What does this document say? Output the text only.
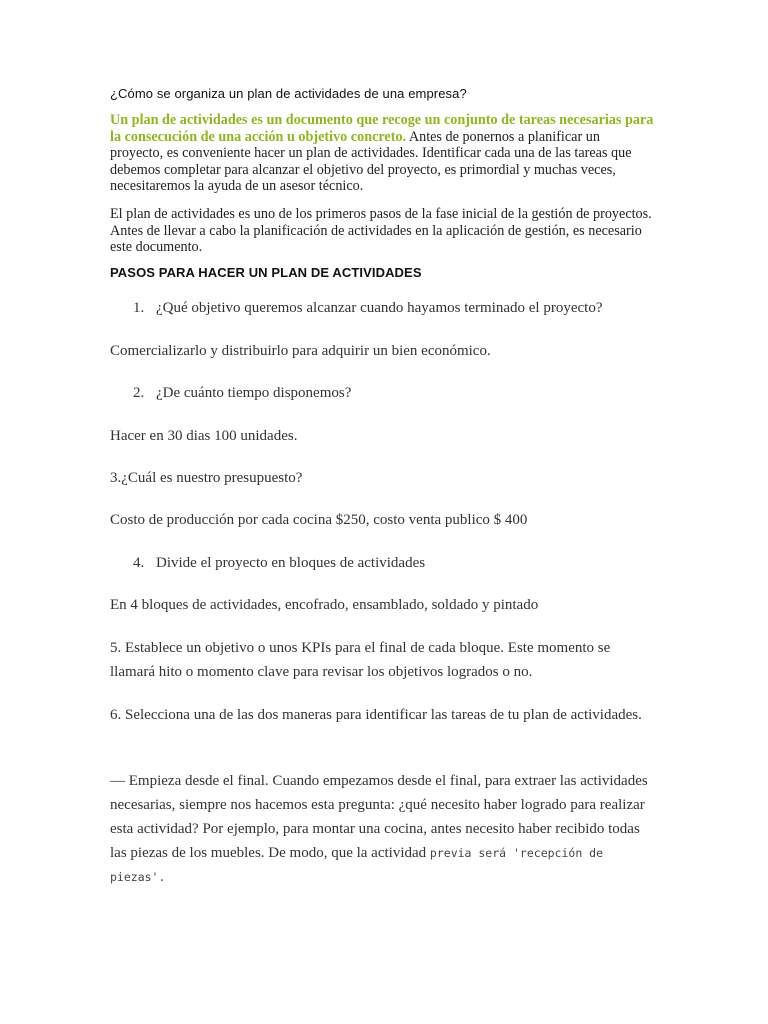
¿Cómo se organiza un plan de actividades de una empresa?

Un plan de actividades es un documento que recoge un conjunto de tareas necesarias para la consecución de una acción u objetivo concreto. Antes de ponernos a planificar un proyecto, es conveniente hacer un plan de actividades. Identificar cada una de las tareas que debemos completar para alcanzar el objetivo del proyecto, es primordial y muchas veces, necesitaremos la ayuda de un asesor técnico.

El plan de actividades es uno de los primeros pasos de la fase inicial de la gestión de proyectos. Antes de llevar a cabo la planificación de actividades en la aplicación de gestión, es necesario este documento.

PASOS PARA HACER UN PLAN DE ACTIVIDADES
1. ¿Qué objetivo queremos alcanzar cuando hayamos terminado el proyecto?
Comercializarlo y distribuirlo para adquirir un bien económico.
2. ¿De cuánto tiempo disponemos?
Hacer en 30 dias 100 unidades.
3.¿Cuál es nuestro presupuesto?
Costo de producción por cada cocina $250, costo venta publico $ 400
4. Divide el proyecto en bloques de actividades
En 4 bloques de actividades, encofrado, ensamblado, soldado y pintado

5. Establece un objetivo o unos KPIs para el final de cada bloque. Este momento se llamará hito o momento clave para revisar los objetivos logrados o no.

6. Selecciona una de las dos maneras para identificar las tareas de tu plan de actividades.

— Empieza desde el final. Cuando empezamos desde el final, para extraer las actividades necesarias, siempre nos hacemos esta pregunta: ¿qué necesito haber logrado para realizar esta actividad? Por ejemplo, para montar una cocina, antes necesito haber recibido todas las piezas de los muebles. De modo, que la actividad previa será 'recepción de piezas'.
